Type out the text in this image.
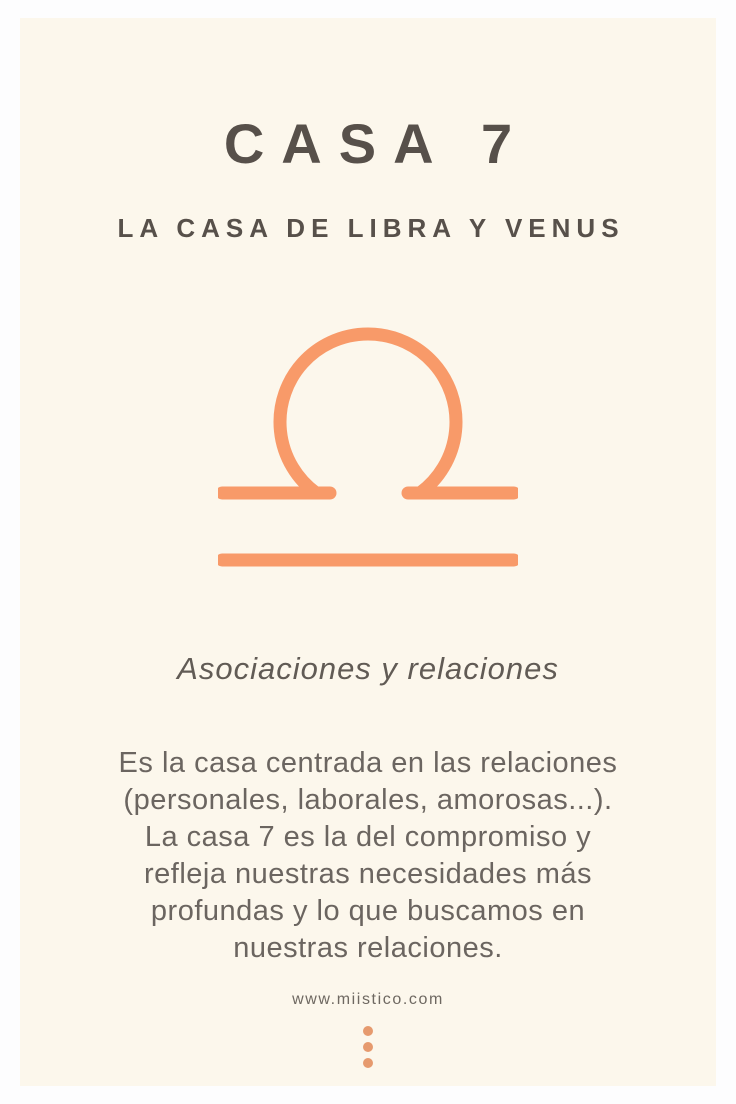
CASA 7
LA CASA DE LIBRA Y VENUS
Asociaciones y relaciones
Es la casa centrada en las relaciones
(personales, laborales, amorosas...).
La casa 7 es la del compromiso y
refleja nuestras necesidades más
profundas y lo que buscamos en
nuestras relaciones.
www.miistico.com
